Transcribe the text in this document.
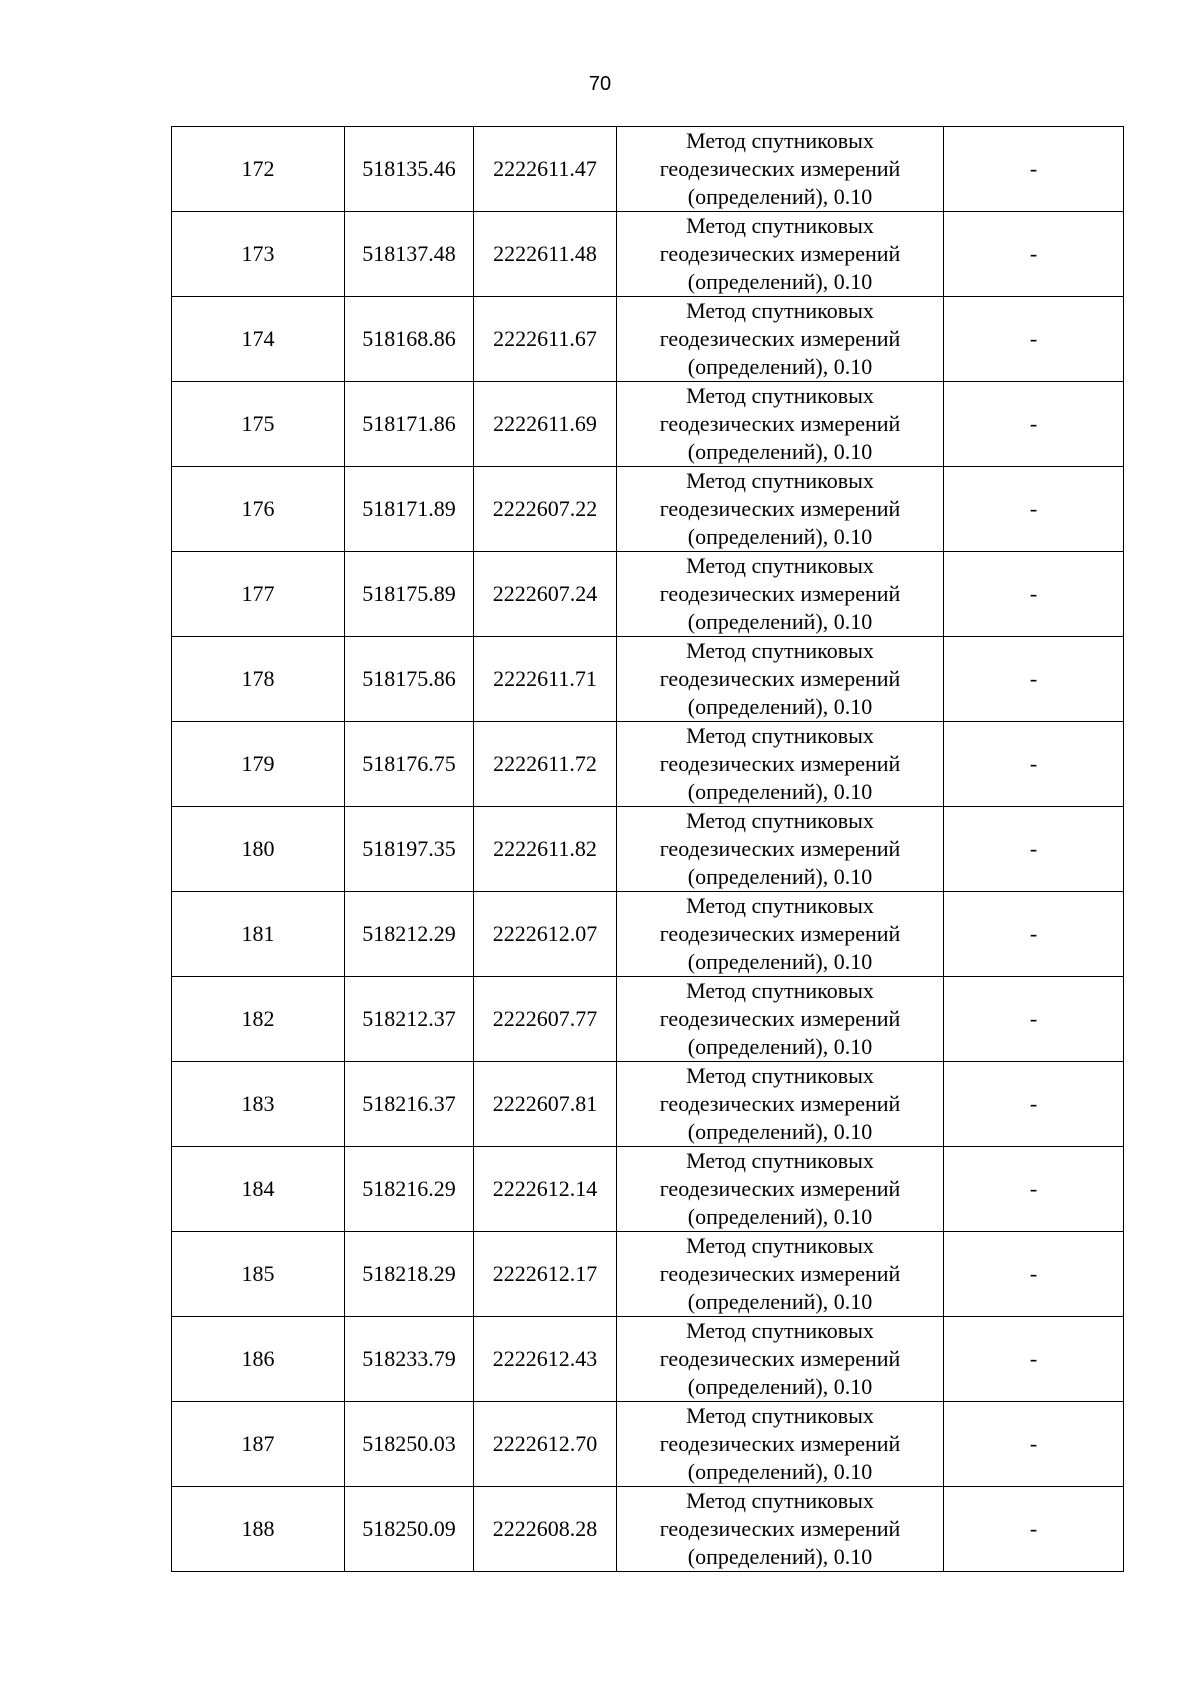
70
172	518135.46	2222611.47	Метод спутниковых
геодезических измерений
(определений), 0.10	-
173	518137.48	2222611.48	Метод спутниковых
геодезических измерений
(определений), 0.10	-
174	518168.86	2222611.67	Метод спутниковых
геодезических измерений
(определений), 0.10	-
175	518171.86	2222611.69	Метод спутниковых
геодезических измерений
(определений), 0.10	-
176	518171.89	2222607.22	Метод спутниковых
геодезических измерений
(определений), 0.10	-
177	518175.89	2222607.24	Метод спутниковых
геодезических измерений
(определений), 0.10	-
178	518175.86	2222611.71	Метод спутниковых
геодезических измерений
(определений), 0.10	-
179	518176.75	2222611.72	Метод спутниковых
геодезических измерений
(определений), 0.10	-
180	518197.35	2222611.82	Метод спутниковых
геодезических измерений
(определений), 0.10	-
181	518212.29	2222612.07	Метод спутниковых
геодезических измерений
(определений), 0.10	-
182	518212.37	2222607.77	Метод спутниковых
геодезических измерений
(определений), 0.10	-
183	518216.37	2222607.81	Метод спутниковых
геодезических измерений
(определений), 0.10	-
184	518216.29	2222612.14	Метод спутниковых
геодезических измерений
(определений), 0.10	-
185	518218.29	2222612.17	Метод спутниковых
геодезических измерений
(определений), 0.10	-
186	518233.79	2222612.43	Метод спутниковых
геодезических измерений
(определений), 0.10	-
187	518250.03	2222612.70	Метод спутниковых
геодезических измерений
(определений), 0.10	-
188	518250.09	2222608.28	Метод спутниковых
геодезических измерений
(определений), 0.10	-
